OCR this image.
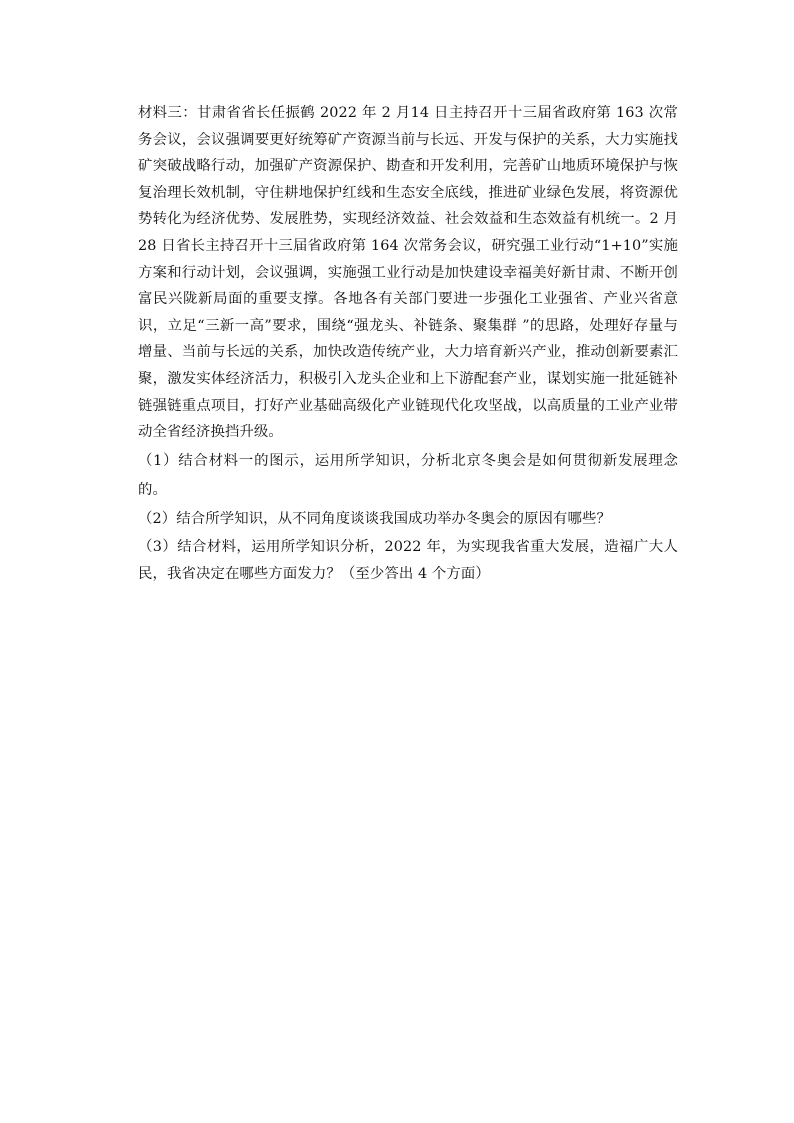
材料三：甘肃省省长任振鹤 2022 年 2 月14 日主持召开十三届省政府第 163 次常务会议，会议强调要更好统筹矿产资源当前与长远、开发与保护的关系，大力实施找矿突破战略行动，加强矿产资源保护、勘查和开发利用，完善矿山地质环境保护与恢复治理长效机制，守住耕地保护红线和生态安全底线，推进矿业绿色发展，将资源优势转化为经济优势、发展胜势，实现经济效益、社会效益和生态效益有机统一。2 月 28 日省长主持召开十三届省政府第 164 次常务会议，研究强工业行动“1+10”实施方案和行动计划，会议强调，实施强工业行动是加快建设幸福美好新甘肃、不断开创富民兴陇新局面的重要支撑。各地各有关部门要进一步强化工业强省、产业兴省意识，立足“三新一高”要求，围绕“强龙头、补链条、聚集群 ”的思路，处理好存量与增量、当前与长远的关系，加快改造传统产业，大力培育新兴产业，推动创新要素汇聚，激发实体经济活力，积极引入龙头企业和上下游配套产业，谋划实施一批延链补链强链重点项目，打好产业基础高级化产业链现代化攻坚战，以高质量的工业产业带动全省经济换挡升级。

（1）结合材料一的图示，运用所学知识，分析北京冬奥会是如何贯彻新发展理念的。

（2）结合所学知识，从不同角度谈谈我国成功举办冬奥会的原因有哪些？

（3）结合材料，运用所学知识分析，2022 年，为实现我省重大发展，造福广大人民，我省决定在哪些方面发力？（至少答出 4 个方面）
